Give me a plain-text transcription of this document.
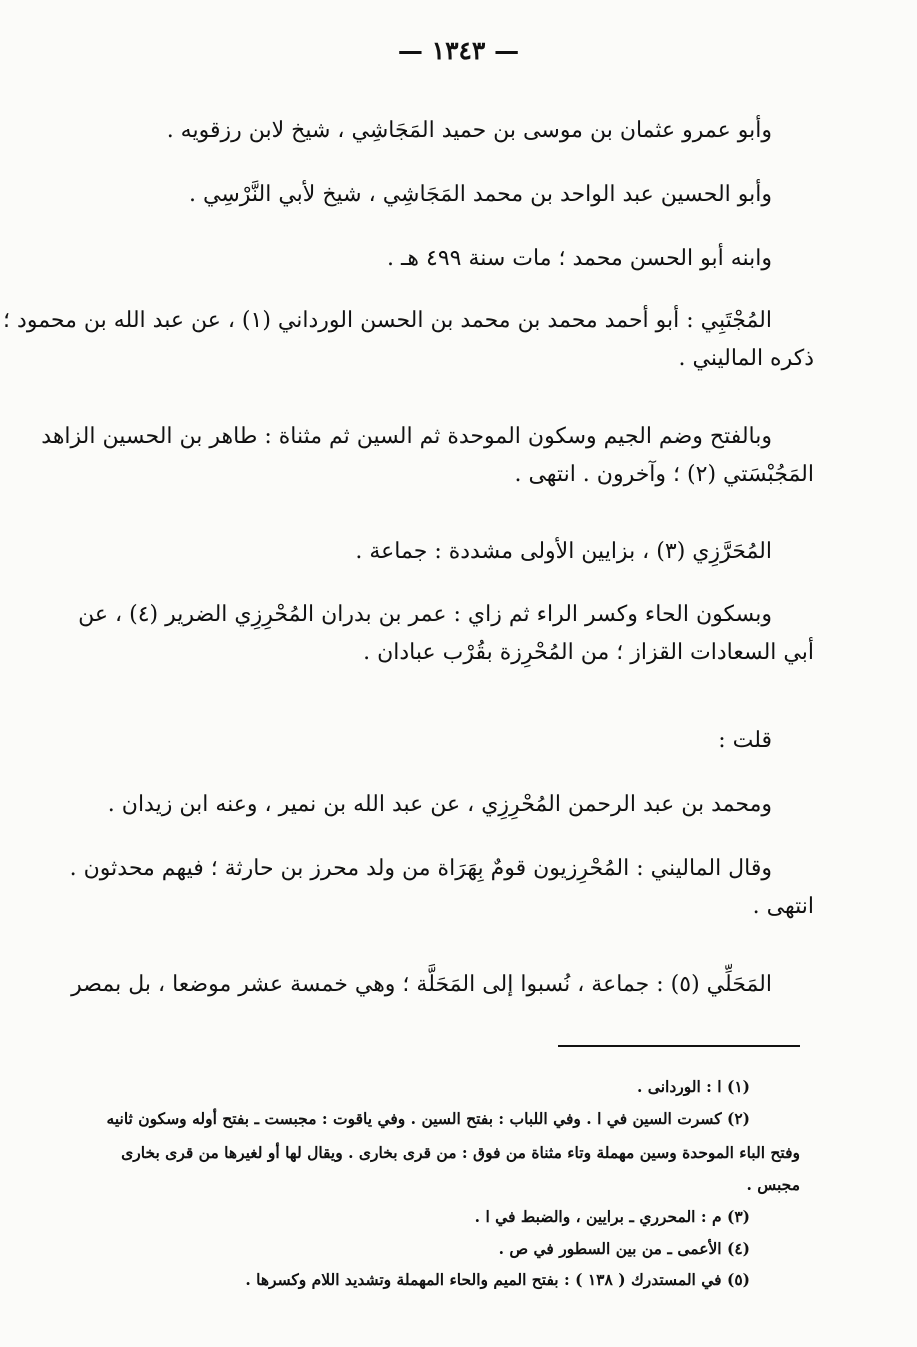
— ١٣٤٣ —
وأبو عمرو عثمان بن موسى بن حميد المَجَاشِي ، شيخ لابن رزقويه .
وأبو الحسين عبد الواحد بن محمد المَجَاشِي ، شيخ لأبي النَّرْسِي .
وابنه أبو الحسن محمد ؛ مات سنة ٤٩٩ هـ .
المُجْتَبِي : أبو أحمد محمد بن محمد بن الحسن الورداني (١) ، عن عبد الله بن محمود ؛
ذكره الماليني .
وبالفتح وضم الجيم وسكون الموحدة ثم السين ثم مثناة : طاهر بن الحسين الزاهد
المَجُبْسَتي (٢) ؛ وآخرون . انتهى .
المُحَرَّزِي (٣) ، بزايين الأولى مشددة : جماعة .
وبسكون الحاء وكسر الراء ثم زاي : عمر بن بدران المُحْرِزِي الضرير (٤) ، عن
أبي السعادات القزاز ؛ من المُحْرِزة بقُرْب عبادان .
قلت :
ومحمد بن عبد الرحمن المُحْرِزِي ، عن عبد الله بن نمير ، وعنه ابن زيدان .
وقال الماليني : المُحْرِزيون قومٌ بِهَرَاة من ولد محرز بن حارثة ؛ فيهم محدثون .
انتهى .
المَحَلِّي (٥) : جماعة ، نُسبوا إلى المَحَلَّة ؛ وهي خمسة عشر موضعا ، بل بمصر
(١) ا : الوردانى .
(٢) كسرت السين في ا . وفي اللباب : بفتح السين . وفي ياقوت : مجبست ـ بفتح أوله وسكون ثانيه
وفتح الباء الموحدة وسين مهملة وتاء مثناة من فوق : من قرى بخارى . ويقال لها أو لغيرها من قرى بخارى
مجبس .
(٣) م : المحرري ـ برايين ، والضبط في ا .
(٤) الأعمى ـ من بين السطور في ص .
(٥) في المستدرك ( ١٣٨ ) : بفتح الميم والحاء المهملة وتشديد اللام وكسرها .
